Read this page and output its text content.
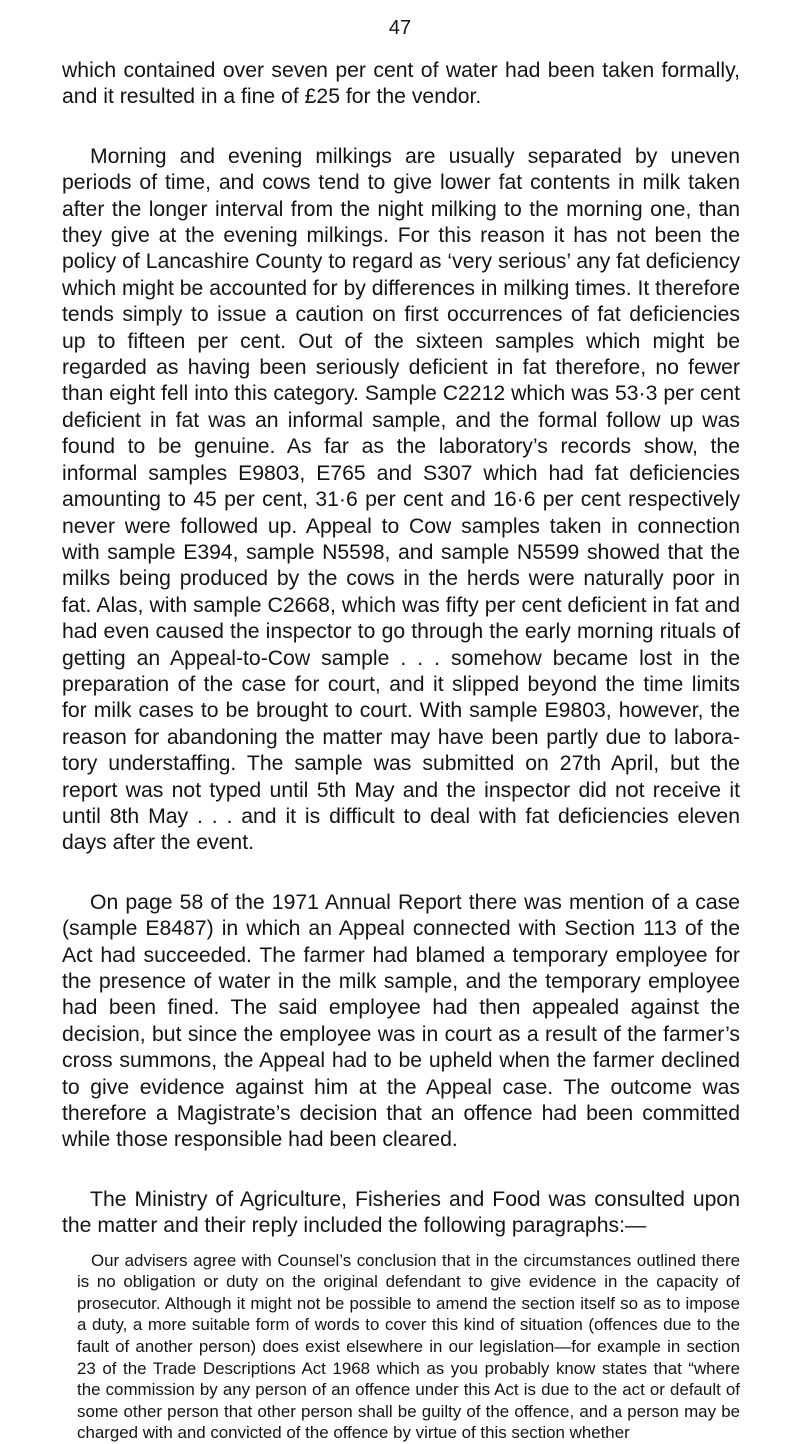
47

which contained over seven per cent of water had been taken formally, and it resulted in a fine of £25 for the vendor.

Morning and evening milkings are usually separated by uneven periods of time, and cows tend to give lower fat contents in milk taken after the longer interval from the night milking to the morning one, than they give at the evening milkings. For this reason it has not been the policy of Lancashire County to regard as ‘very serious’ any fat deficiency which might be accounted for by differences in milking times. It therefore tends simply to issue a caution on first occurrences of fat deficiencies up to fifteen per cent. Out of the sixteen samples which might be regarded as having been seriously deficient in fat therefore, no fewer than eight fell into this category. Sample C2212 which was 53·3 per cent deficient in fat was an informal sample, and the formal follow up was found to be genuine. As far as the laboratory’s records show, the informal samples E9803, E765 and S307 which had fat deficiencies amounting to 45 per cent, 31·6 per cent and 16·6 per cent respectively never were followed up. Appeal to Cow samples taken in connection with sample E394, sample N5598, and sample N5599 showed that the milks being produced by the cows in the herds were naturally poor in fat. Alas, with sample C2668, which was fifty per cent deficient in fat and had even caused the inspector to go through the early morning rituals of getting an Appeal-to-Cow sample . . . somehow became lost in the preparation of the case for court, and it slipped beyond the time limits for milk cases to be brought to court. With sample E9803, however, the reason for abandoning the matter may have been partly due to labora-tory understaffing. The sample was submitted on 27th April, but the report was not typed until 5th May and the inspector did not receive it until 8th May . . . and it is difficult to deal with fat deficiencies eleven days after the event.

On page 58 of the 1971 Annual Report there was mention of a case (sample E8487) in which an Appeal connected with Section 113 of the Act had succeeded. The farmer had blamed a temporary employee for the presence of water in the milk sample, and the temporary employee had been fined. The said employee had then appealed against the decision, but since the employee was in court as a result of the farmer’s cross summons, the Appeal had to be upheld when the farmer declined to give evidence against him at the Appeal case. The outcome was therefore a Magistrate’s decision that an offence had been committed while those responsible had been cleared.

The Ministry of Agriculture, Fisheries and Food was consulted upon the matter and their reply included the following paragraphs:—

Our advisers agree with Counsel’s conclusion that in the circumstances outlined there is no obligation or duty on the original defendant to give evidence in the capacity of prosecutor. Although it might not be possible to amend the section itself so as to impose a duty, a more suitable form of words to cover this kind of situation (offences due to the fault of another person) does exist elsewhere in our legislation—for example in section 23 of the Trade Descriptions Act 1968 which as you probably know states that “where the commission by any person of an offence under this Act is due to the act or default of some other person that other person shall be guilty of the offence, and a person may be charged with and convicted of the offence by virtue of this section whether
